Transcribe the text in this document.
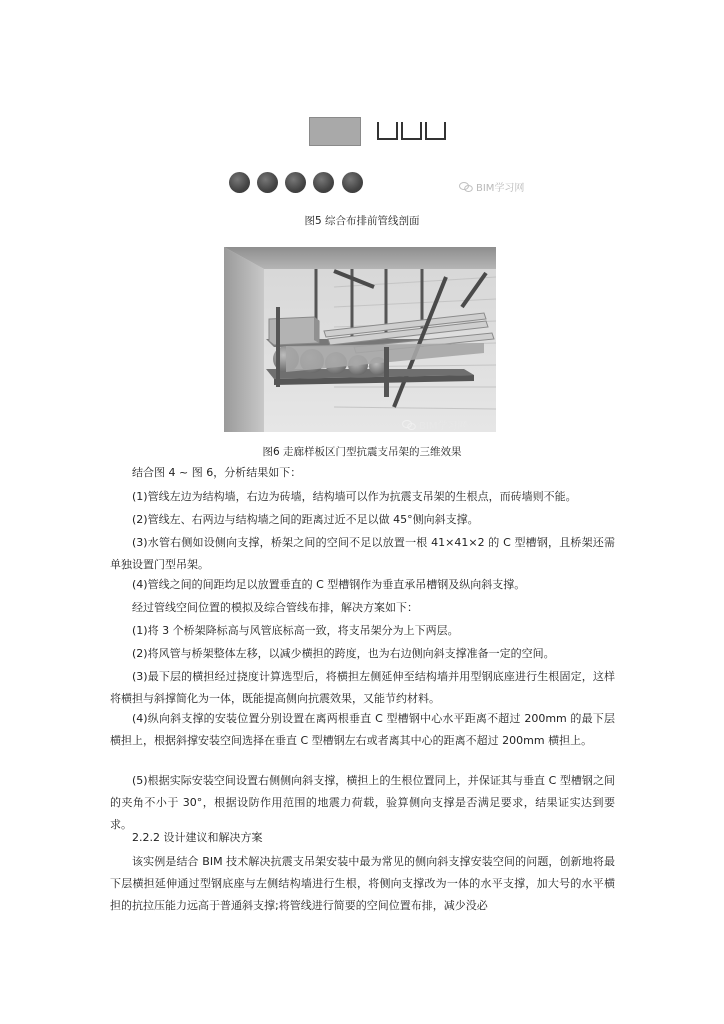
BIM学习网
图5 综合布排前管线剖面
BIM学习网
图6 走廊样板区门型抗震支吊架的三维效果

结合图 4 ~ 图 6，分析结果如下：

(1)管线左边为结构墙，右边为砖墙，结构墙可以作为抗震支吊架的生根点，而砖墙则不能。

(2)管线左、右两边与结构墙之间的距离过近不足以做 45°侧向斜支撑。

(3)水管右侧如设侧向支撑，桥架之间的空间不足以放置一根 41×41×2 的 C 型槽钢，且桥架还需单独设置门型吊架。

(4)管线之间的间距均足以放置垂直的 C 型槽钢作为垂直承吊槽钢及纵向斜支撑。

经过管线空间位置的模拟及综合管线布排，解决方案如下：

(1)将 3 个桥架降标高与风管底标高一致，将支吊架分为上下两层。

(2)将风管与桥架整体左移，以减少横担的跨度，也为右边侧向斜支撑准备一定的空间。

(3)最下层的横担经过挠度计算选型后，将横担左侧延伸至结构墙并用型钢底座进行生根固定，这样将横担与斜撑简化为一体，既能提高侧向抗震效果，又能节约材料。

(4)纵向斜支撑的安装位置分别设置在离两根垂直 C 型槽钢中心水平距离不超过 200mm 的最下层横担上，根据斜撑安装空间选择在垂直 C 型槽钢左右或者离其中心的距离不超过 200mm 横担上。

(5)根据实际安装空间设置右侧侧向斜支撑，横担上的生根位置同上，并保证其与垂直 C 型槽钢之间的夹角不小于 30°，根据设防作用范围的地震力荷载，验算侧向支撑是否满足要求，结果证实达到要求。

2.2.2 设计建议和解决方案

该实例是结合 BIM 技术解决抗震支吊架安装中最为常见的侧向斜支撑安装空间的问题，创新地将最下层横担延伸通过型钢底座与左侧结构墙进行生根，将侧向支撑改为一体的水平支撑，加大号的水平横担的抗拉压能力远高于普通斜支撑;将管线进行简要的空间位置布排，减少没必
